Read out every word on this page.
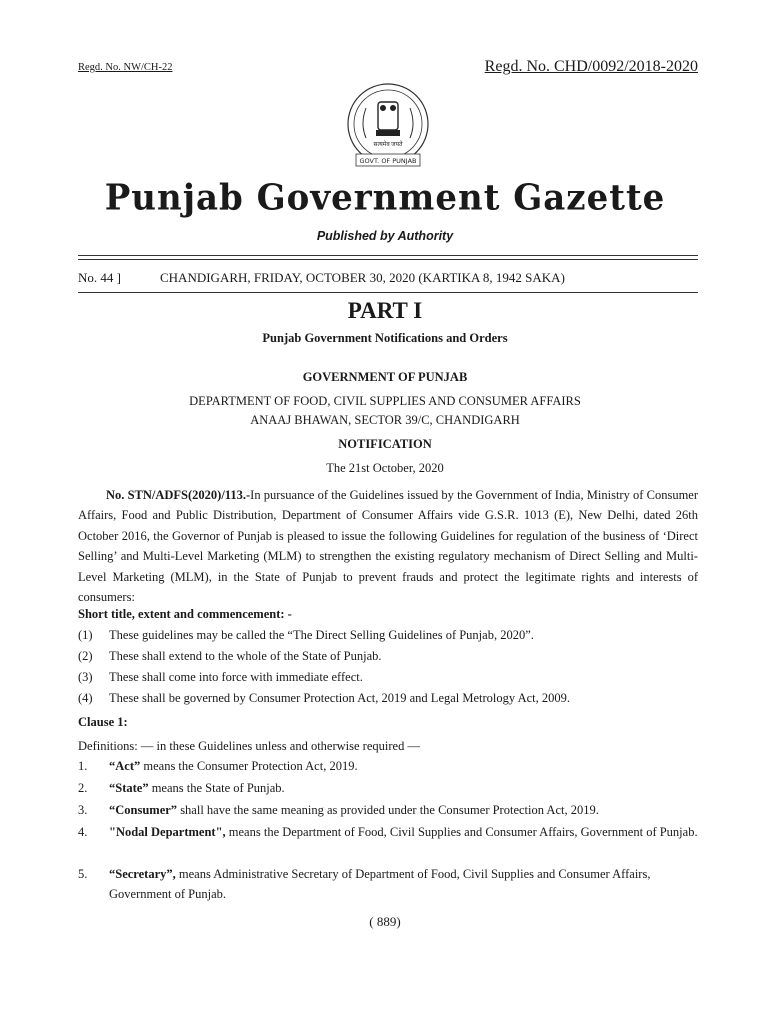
Regd. No. NW/CH-22	Regd. No. CHD/0092/2018-2020
सत्यमेव जयते
GOVT. OF PUNJAB
Punjab Government Gazette
Published by Authority
No. 44 ]	CHANDIGARH, FRIDAY, OCTOBER 30, 2020 (KARTIKA 8, 1942 SAKA)
PART I
Punjab Government Notifications and Orders
GOVERNMENT OF PUNJAB
DEPARTMENT OF FOOD, CIVIL SUPPLIES AND CONSUMER AFFAIRS
ANAAJ BHAWAN, SECTOR 39/C, CHANDIGARH
NOTIFICATION
The 21st October, 2020
No. STN/ADFS(2020)/113.-In pursuance of the Guidelines issued by the Government of India, Ministry of Consumer Affairs, Food and Public Distribution, Department of Consumer Affairs vide G.S.R. 1013 (E), New Delhi, dated 26th October 2016, the Governor of Punjab is pleased to issue the following Guidelines for regulation of the business of ‘Direct Selling’ and Multi-Level Marketing (MLM) to strengthen the existing regulatory mechanism of Direct Selling and Multi-Level Marketing (MLM), in the State of Punjab to prevent frauds and protect the legitimate rights and interests of consumers:
Short title, extent and commencement: -
(1) These guidelines may be called the “The Direct Selling Guidelines of Punjab, 2020”.
(2) These shall extend to the whole of the State of Punjab.
(3) These shall come into force with immediate effect.
(4) These shall be governed by Consumer Protection Act, 2019 and Legal Metrology Act, 2009.
Clause 1:
Definitions: — in these Guidelines unless and otherwise required —
1. “Act” means the Consumer Protection Act, 2019.
2. “State” means the State of Punjab.
3. “Consumer” shall have the same meaning as provided under the Consumer Protection Act, 2019.
4. "Nodal Department", means the Department of Food, Civil Supplies and Consumer Affairs, Government of Punjab.
5. “Secretary”, means Administrative Secretary of Department of Food, Civil Supplies and Consumer Affairs, Government of Punjab.
( 889)
